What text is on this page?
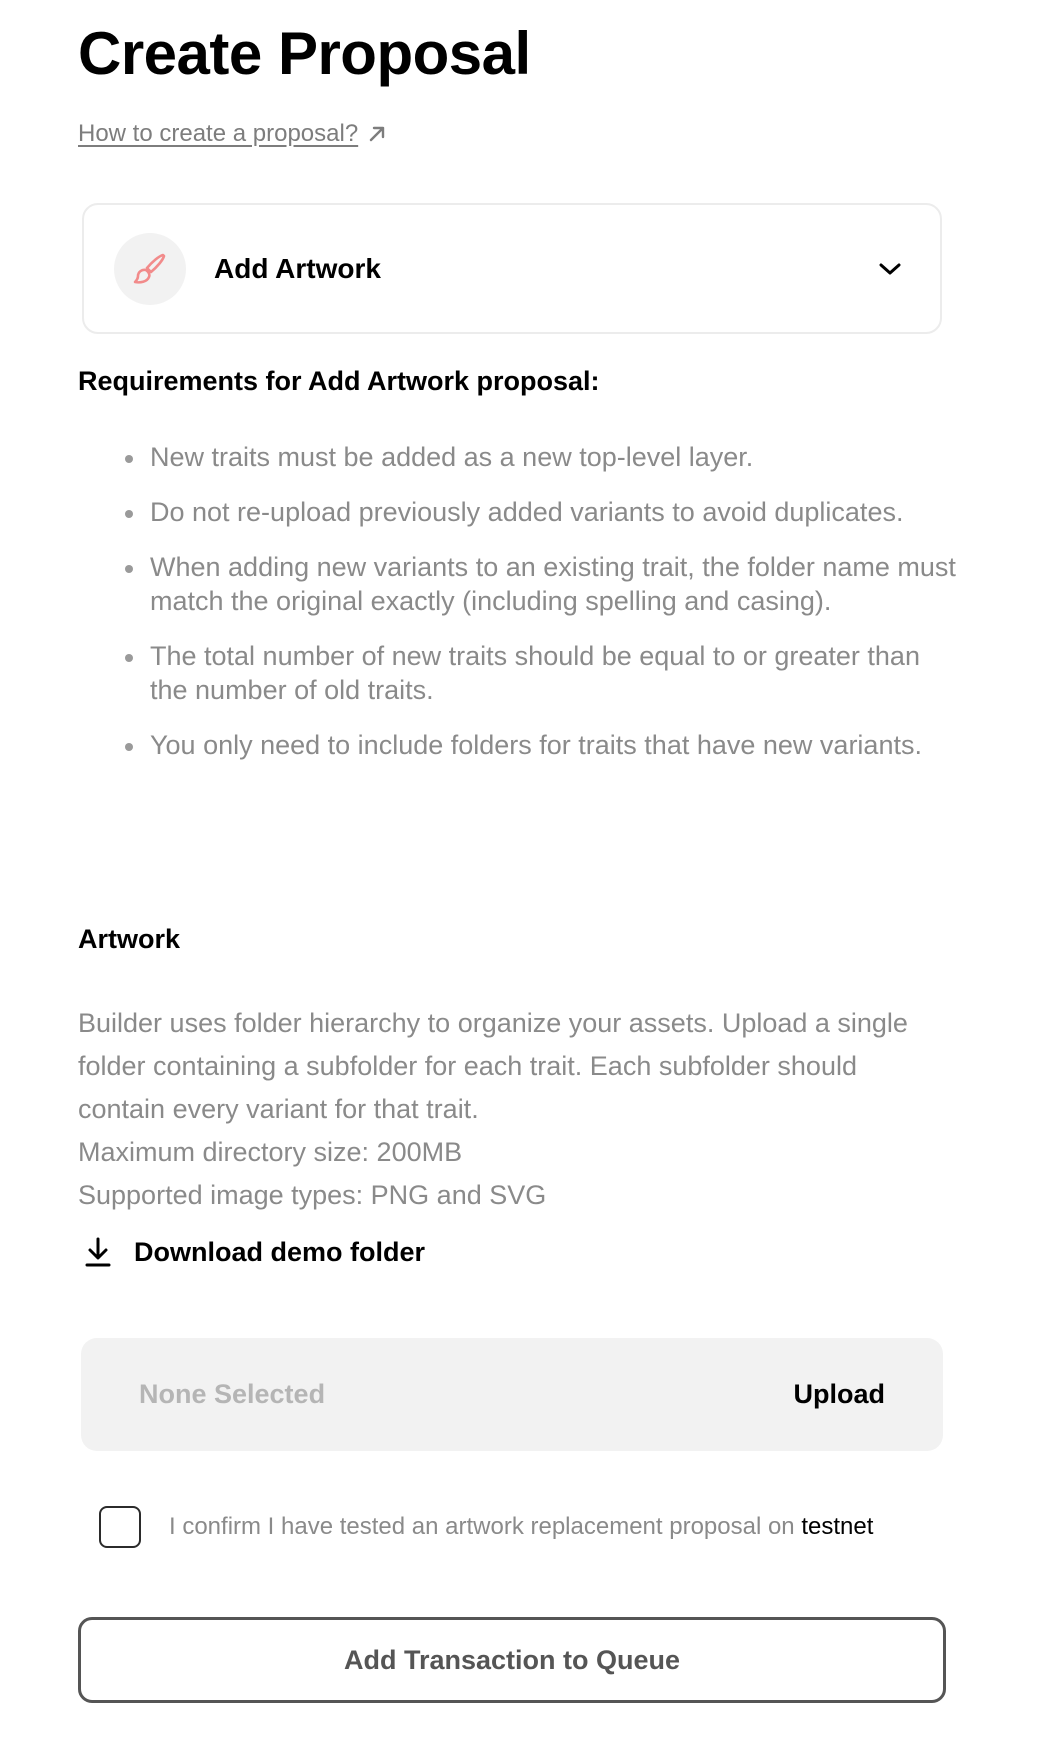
Create Proposal
How to create a proposal?
Add Artwork
Requirements for Add Artwork proposal:
New traits must be added as a new top-level layer.
Do not re-upload previously added variants to avoid duplicates.
When adding new variants to an existing trait, the folder name must match the original exactly (including spelling and casing).
The total number of new traits should be equal to or greater than the number of old traits.
You only need to include folders for traits that have new variants.
Artwork
Builder uses folder hierarchy to organize your assets. Upload a single folder containing a subfolder for each trait. Each subfolder should contain every variant for that trait.
Maximum directory size: 200MB
Supported image types: PNG and SVG
Download demo folder
None Selected	Upload
I confirm I have tested an artwork replacement proposal on testnet
Add Transaction to Queue
